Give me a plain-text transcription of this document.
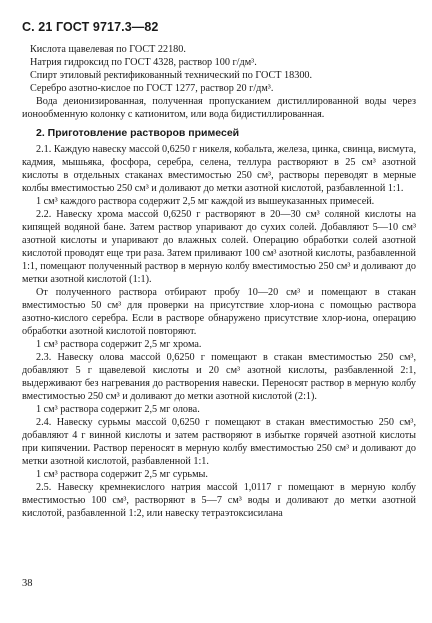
С. 21 ГОСТ 9717.3—82

Кислота щавелевая по ГОСТ 22180.

Натрия гидроксид по ГОСТ 4328, раствор 100 г/дм³.

Спирт этиловый ректификованный технический по ГОСТ 18300.

Серебро азотно-кислое по ГОСТ 1277, раствор 20 г/дм³.

Вода деионизированная, полученная пропусканием дистиллированной воды через ионообменную колонку с катионитом, или вода бидистиллированная.

2. Приготовление растворов примесей

2.1. Каждую навеску массой 0,6250 г никеля, кобальта, железа, цинка, свинца, висмута, кадмия, мышьяка, фосфора, серебра, селена, теллура растворяют в 25 см³ азотной кислоты в отдельных стаканах вместимостью 250 см³, растворы переводят в мерные колбы вместимостью 250 см³ и доливают до метки азотной кислотой, разбавленной 1:1.

1 см³ каждого раствора содержит 2,5 мг каждой из вышеуказанных примесей.

2.2. Навеску хрома массой 0,6250 г растворяют в 20—30 см³ соляной кислоты на кипящей водяной бане. Затем раствор упаривают до сухих солей. Добавляют 5—10 см³ азотной кислоты и упаривают до влажных солей. Операцию обработки солей азотной кислотой проводят еще три раза. Затем приливают 100 см³ азотной кислоты, разбавленной 1:1, помещают полученный раствор в мерную колбу вместимостью 250 см³ и доливают до метки азотной кислотой (1:1).

От полученного раствора отбирают пробу 10—20 см³ и помещают в стакан вместимостью 50 см³ для проверки на присутствие хлор-иона с помощью раствора азотно-кислого серебра. Если в растворе обнаружено присутствие хлор-иона, операцию обработки азотной кислотой повторяют.

1 см³ раствора содержит 2,5 мг хрома.

2.3. Навеску олова массой 0,6250 г помещают в стакан вместимостью 250 см³, добавляют 5 г щавелевой кислоты и 20 см³ азотной кислоты, разбавленной 2:1, выдерживают без нагревания до растворения навески. Переносят раствор в мерную колбу вместимостью 250 см³ и доливают до метки азотной кислотой (2:1).

1 см³ раствора содержит 2,5 мг олова.

2.4. Навеску сурьмы массой 0,6250 г помещают в стакан вместимостью 250 см³, добавляют 4 г винной кислоты и затем растворяют в избытке горячей азотной кислоты при кипячении. Раствор переносят в мерную колбу вместимостью 250 см³ и доливают до метки азотной кислотой, разбавленной 1:1.

1 см³ раствора содержит 2,5 мг сурьмы.

2.5. Навеску кремнекислого натрия массой 1,0117 г помещают в мерную колбу вместимостью 100 см³, растворяют в 5—7 см³ воды и доливают до метки азотной кислотой, разбавленной 1:2, или навеску тетраэтоксисилана

38
